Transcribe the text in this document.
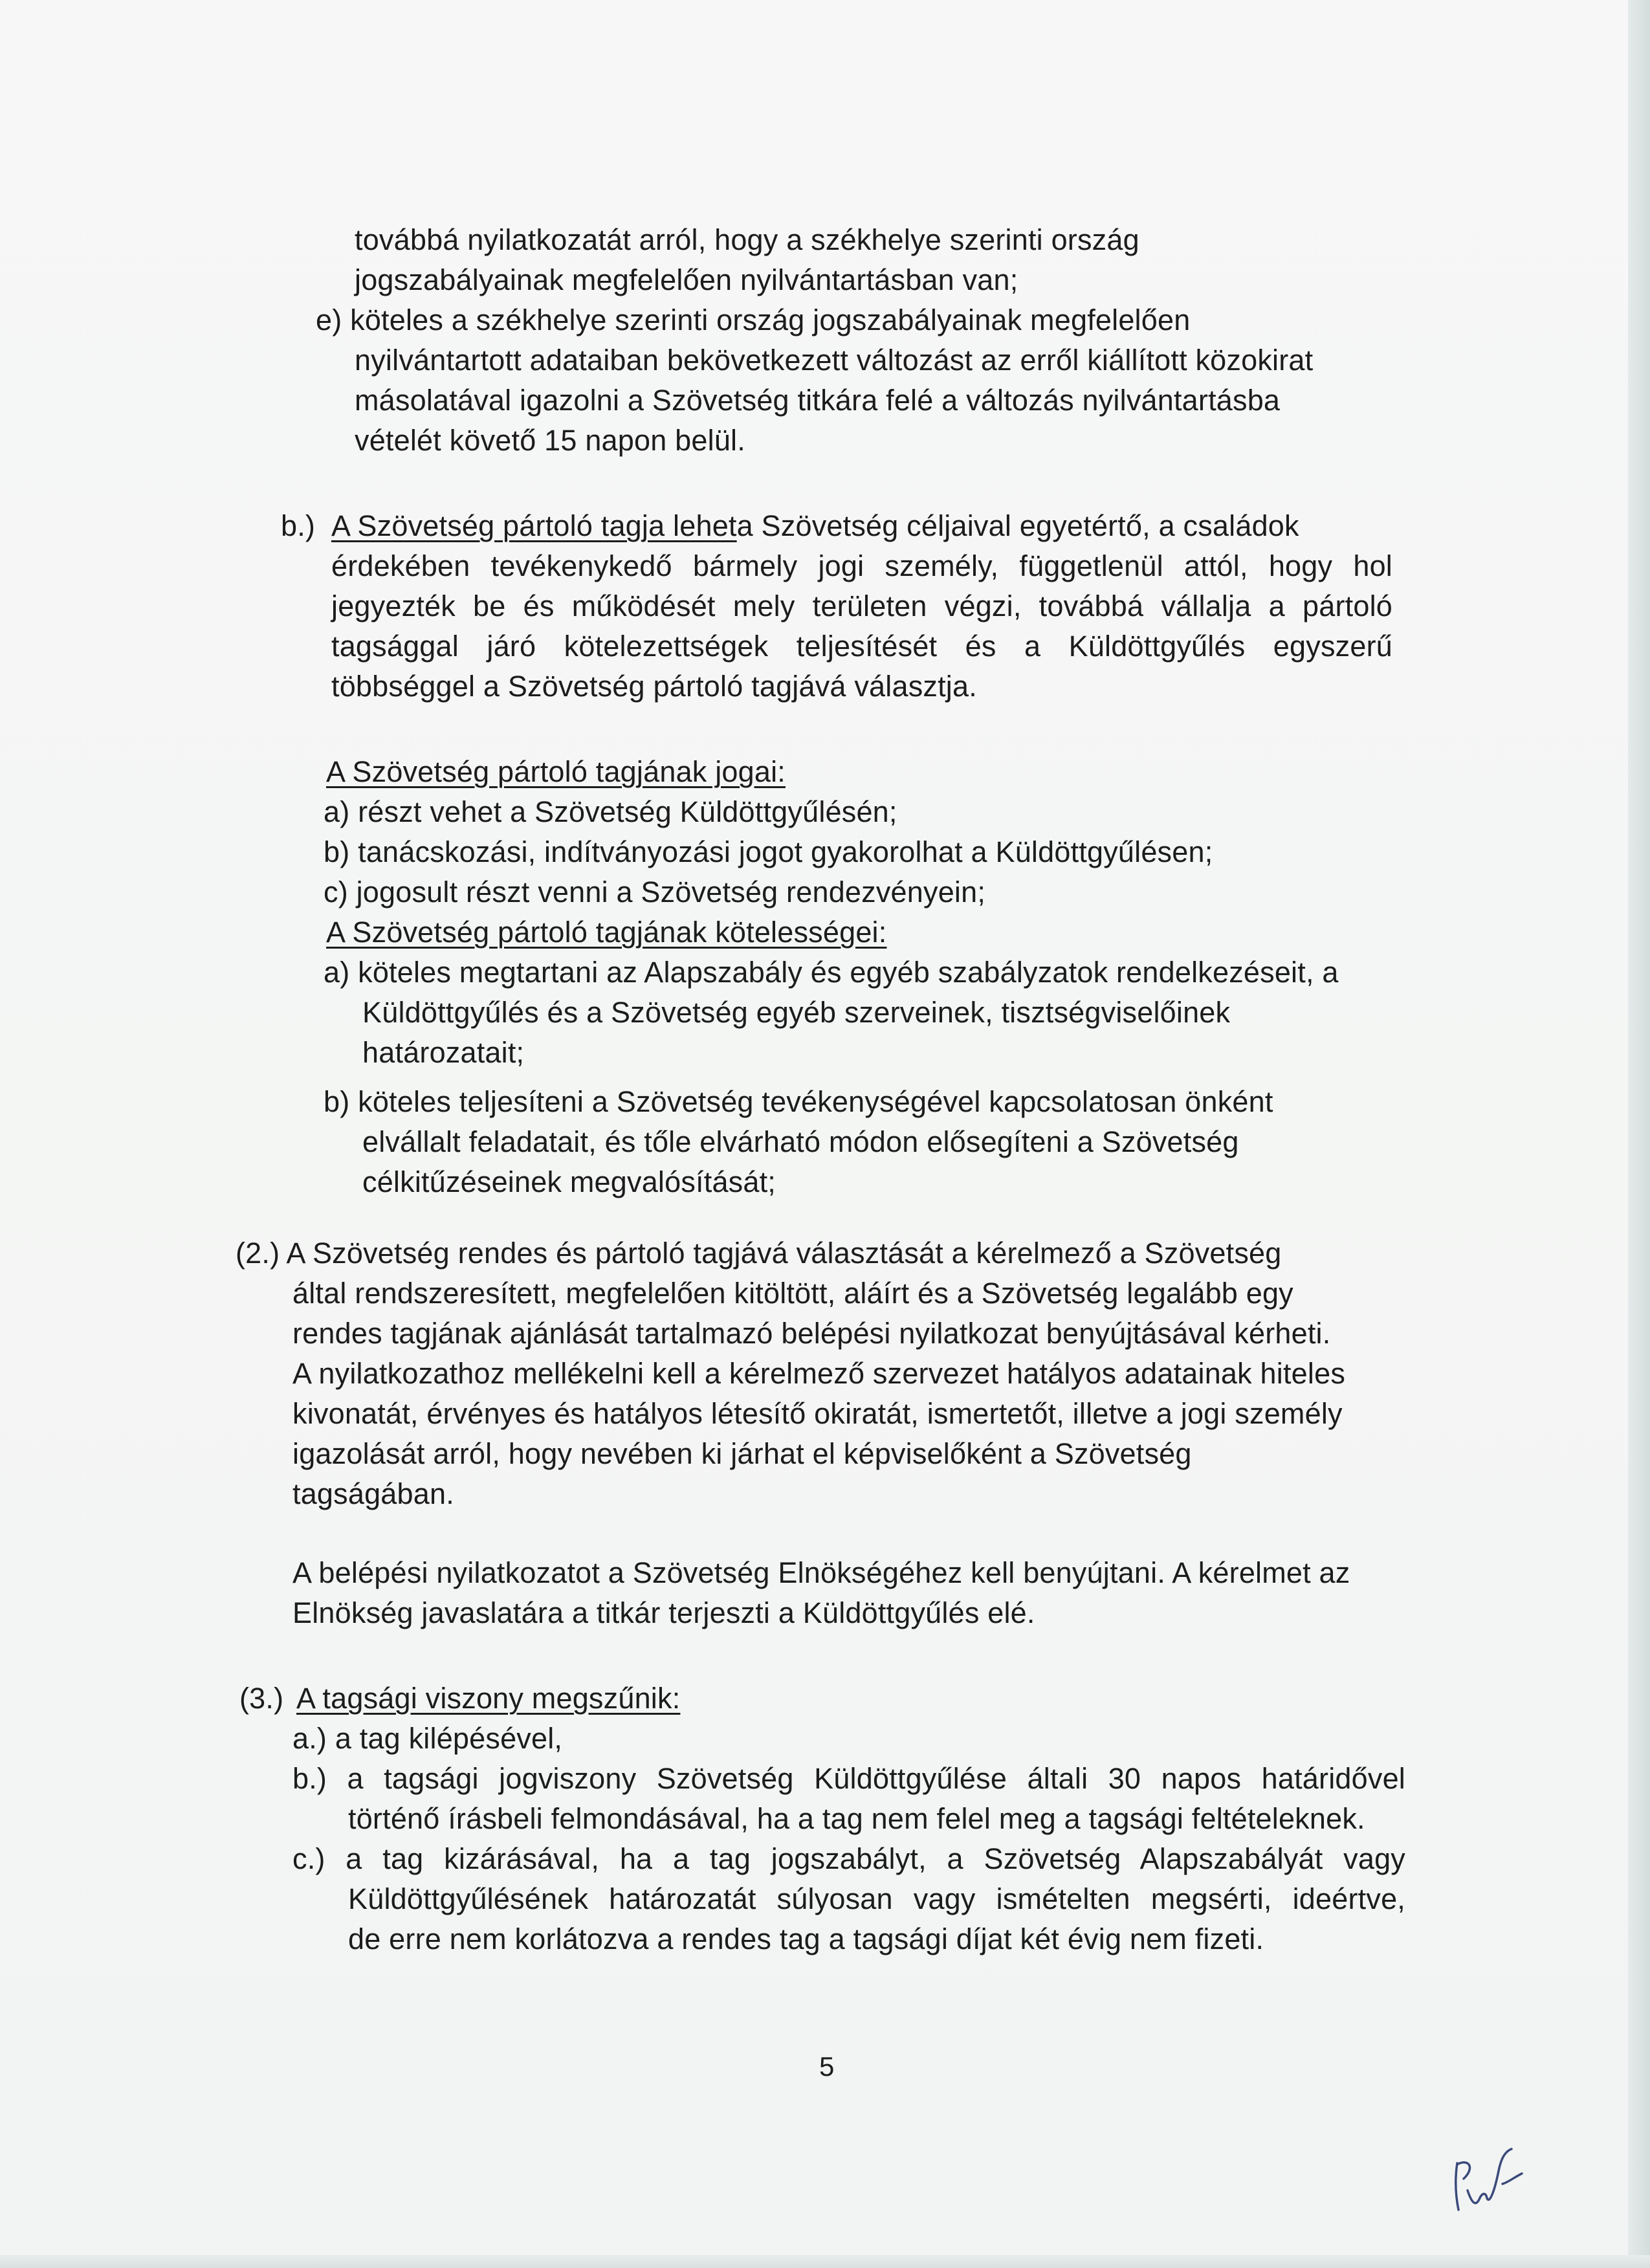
továbbá nyilatkozatát arról, hogy a székhelye szerinti ország
jogszabályainak megfelelően nyilvántartásban van;
e) köteles a székhelye szerinti ország jogszabályainak megfelelően
nyilvántartott adataiban bekövetkezett változást az erről kiállított közokirat
másolatával igazolni a Szövetség titkára felé a változás nyilvántartásba
vételét követő 15 napon belül.
b.) A Szövetség pártoló tagja leheta Szövetség céljaival egyetértő, a családok
érdekében tevékenykedő bármely jogi személy, függetlenül attól, hogy hol
jegyezték be és működését mely területen végzi, továbbá vállalja a pártoló
tagsággal járó kötelezettségek teljesítését és a Küldöttgyűlés egyszerű
többséggel a Szövetség pártoló tagjává választja.
A Szövetség pártoló tagjának jogai:
a) részt vehet a Szövetség Küldöttgyűlésén;
b) tanácskozási, indítványozási jogot gyakorolhat a Küldöttgyűlésen;
c) jogosult részt venni a Szövetség rendezvényein;
A Szövetség pártoló tagjának kötelességei:
a) köteles megtartani az Alapszabály és egyéb szabályzatok rendelkezéseit, a
Küldöttgyűlés és a Szövetség egyéb szerveinek, tisztségviselőinek
határozatait;
b) köteles teljesíteni a Szövetség tevékenységével kapcsolatosan önként
elvállalt feladatait, és tőle elvárható módon elősegíteni a Szövetség
célkitűzéseinek megvalósítását;
(2.) A Szövetség rendes és pártoló tagjává választását a kérelmező a Szövetség
által rendszeresített, megfelelően kitöltött, aláírt és a Szövetség legalább egy
rendes tagjának ajánlását tartalmazó belépési nyilatkozat benyújtásával kérheti.
A nyilatkozathoz mellékelni kell a kérelmező szervezet hatályos adatainak hiteles
kivonatát, érvényes és hatályos létesítő okiratát, ismertetőt, illetve a jogi személy
igazolását arról, hogy nevében ki járhat el képviselőként a Szövetség
tagságában.
A belépési nyilatkozatot a Szövetség Elnökségéhez kell benyújtani. A kérelmet az
Elnökség javaslatára a titkár terjeszti a Küldöttgyűlés elé.
(3.) A tagsági viszony megszűnik:
a.) a tag kilépésével,
b.) a tagsági jogviszony Szövetség Küldöttgyűlése általi 30 napos határidővel
történő írásbeli felmondásával, ha a tag nem felel meg a tagsági feltételeknek.
c.) a tag kizárásával, ha a tag jogszabályt, a Szövetség Alapszabályát vagy
Küldöttgyűlésének határozatát súlyosan vagy ismételten megsérti, ideértve,
de erre nem korlátozva a rendes tag a tagsági díjat két évig nem fizeti.
5
